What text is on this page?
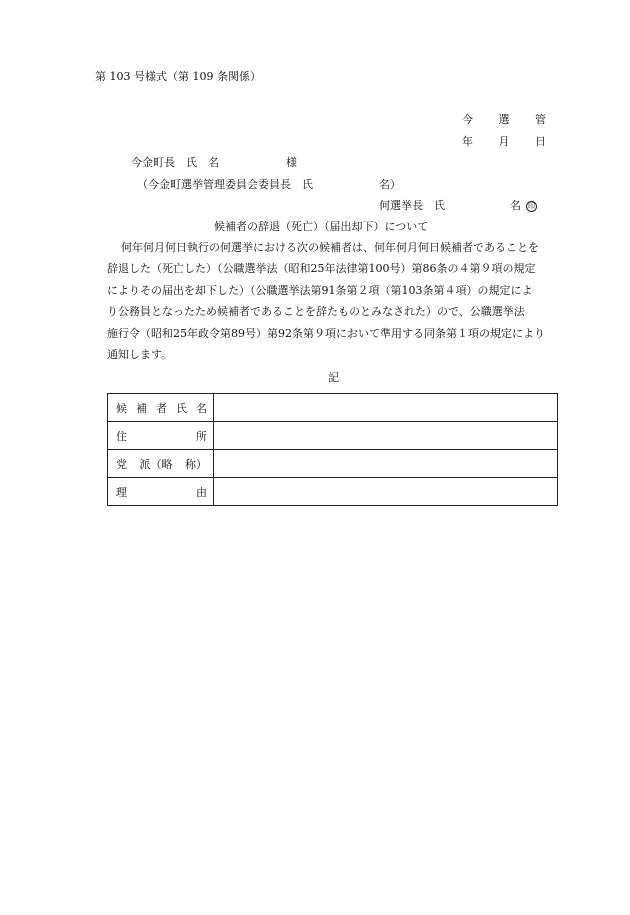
第 103 号様式（第 109 条関係）
今 選 管
年 月 日
今金町長　氏　名	様
（今金町選挙管理委員会委員長　氏	名）
何選挙長　氏	名 印
候補者の辞退（死亡）（届出却下）について
何年何月何日執行の何選挙における次の候補者は、何年何月何日候補者であることを
辞退した（死亡した）（公職選挙法（昭和25年法律第100号）第86条の４第９項の規定
によりその届出を却下した）（公職選挙法第91条第２項（第103条第４項）の規定によ
り公務員となったため候補者であることを辞たものとみなされた）ので、公職選挙法
施行令（昭和25年政令第89号）第92条第９項において準用する同条第１項の規定により
通知します。
記
候 補 者 氏 名	

住 所	

党 派（略 称）	

理 由	
